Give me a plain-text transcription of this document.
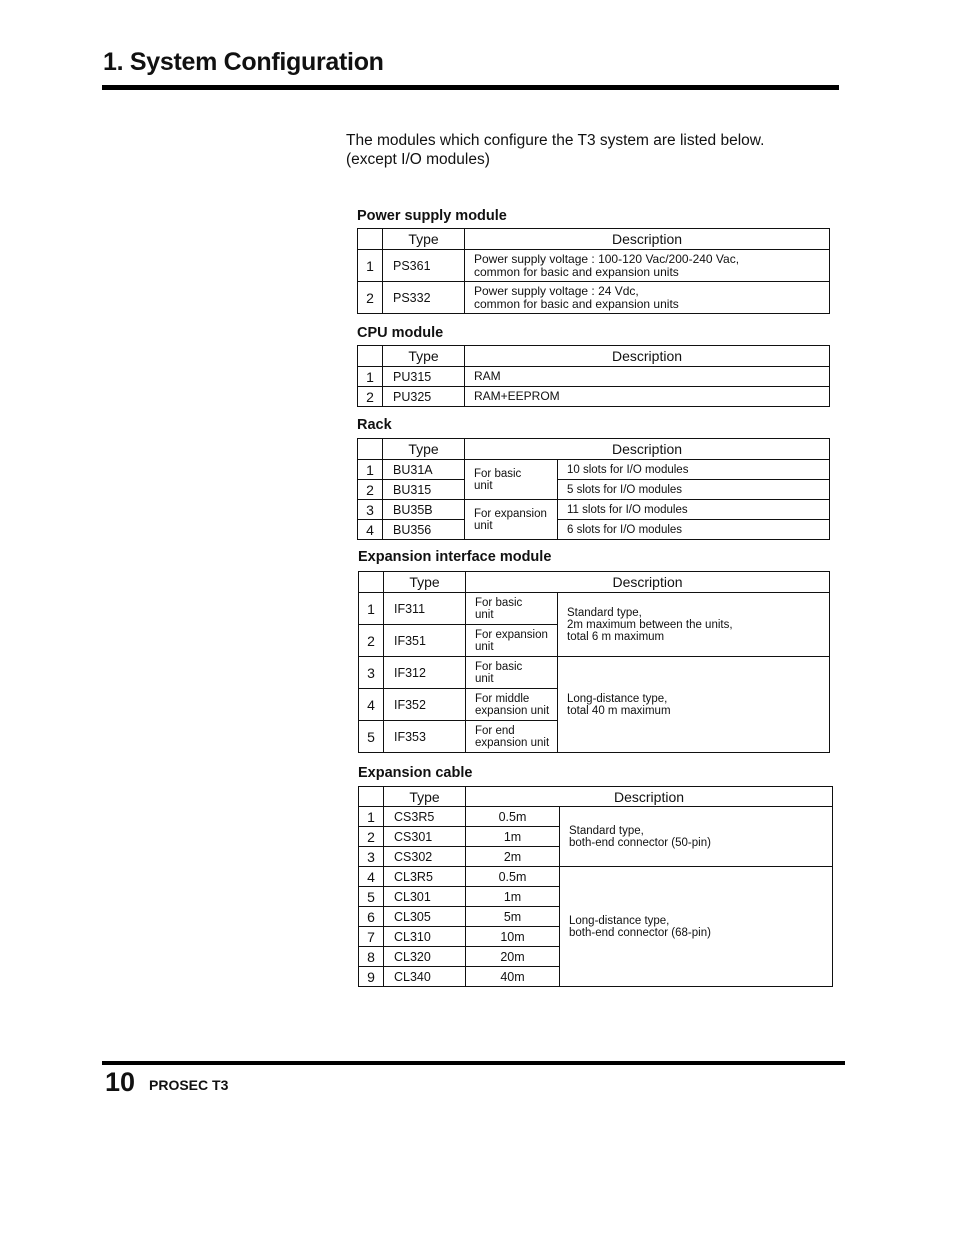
1. System Configuration
The modules which configure the T3 system are listed below.
(except I/O modules)
Power supply module
	Type	Description
1	PS361	Power supply voltage : 100-120 Vac/200-240 Vac,
common for basic and expansion units

2	PS332	Power supply voltage : 24 Vdc,
common for basic and expansion units
CPU module
	Type	Description
1	PU315	RAM
2	PU325	RAM+EEPROM
Rack
	Type	Description	
1	BU31A	For basic
unit	10 slots for I/O modules
2	BU315		5 slots for I/O modules
3	BU35B	For expansion
unit	11 slots for I/O modules
4	BU356		6 slots for I/O modules
Expansion interface module
	Type	Description	
1	IF311	For basic
unit	Standard type,
2m maximum between the units,
total 6 m maximum

2	IF351	For expansion
unit	

3	IF312	For basic
unit	Long-distance type,
total 40 m maximum

4	IF352	For middle
expansion unit	

5	IF353	For end
expansion unit	
Expansion cable
	Type	Description	
1	CS3R5	0.5m	Standard type,
both-end connector (50-pin)

2	CS301	1m	
3	CS302	2m	
4	CL3R5	0.5m	Long-distance type,
both-end connector (68-pin)

5	CL301	1m	
6	CL305	5m	
7	CL310	10m	
8	CL320	20m	
9	CL340	40m	
10 PROSEC T3
